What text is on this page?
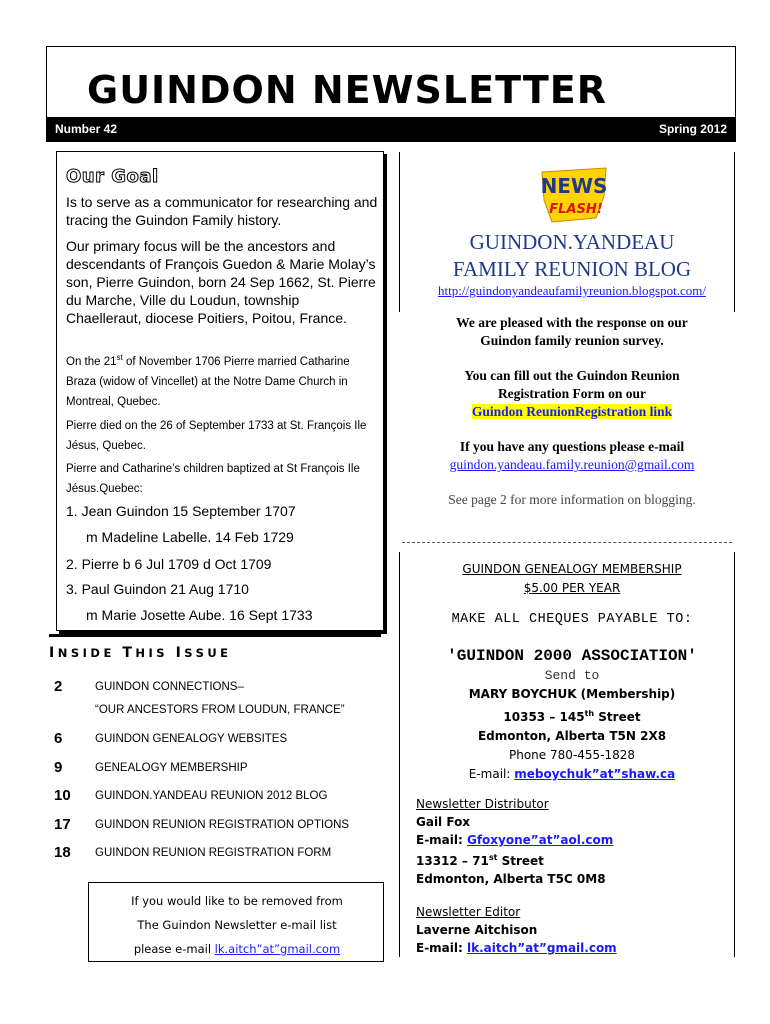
GUINDON NEWSLETTER
Number 42	Spring 2012
Our Goal
Is to serve as a communicator for researching and tracing the Guindon Family history.
Our primary focus will be the ancestors and descendants of François Guedon & Marie Molay’s son, Pierre Guindon, born 24 Sep 1662, St. Pierre du Marche, Ville du Loudun, township Chaelleraut, diocese Poitiers, Poitou, France.
On the 21st of November 1706 Pierre married Catharine Braza (widow of Vincellet) at the Notre Dame Church in Montreal, Quebec.
Pierre died on the 26 of September 1733 at St. François Ile Jésus, Quebec.
Pierre and Catharine’s children baptized at St François Ile Jésus.Quebec:
1. Jean Guindon 15 September 1707
m Madeline Labelle. 14 Feb 1729
2. Pierre b 6 Jul 1709 d Oct 1709
3. Paul Guindon 21 Aug 1710
m Marie Josette Aube. 16 Sept 1733
INSIDE THIS ISSUE
2	GUINDON CONNECTIONS–
“OUR ANCESTORS FROM LOUDUN, FRANCE”
6	GUINDON GENEALOGY WEBSITES
9	GENEALOGY MEMBERSHIP
10 GUINDON.YANDEAU REUNION 2012 BLOG
17 GUINDON REUNION REGISTRATION OPTIONS
18 GUINDON REUNION REGISTRATION FORM
If you would like to be removed from
The Guindon Newsletter e-mail list
please e-mail lk.aitch”at”gmail.com
NEWS
FLASH!
GUINDON.YANDEAU
FAMILY REUNION BLOG
http://guindonyandeaufamilyreunion.blogspot.com/
We are pleased with the response on our
Guindon family reunion survey.
You can fill out the Guindon Reunion
Registration Form on our
Guindon ReunionRegistration link
If you have any questions please e-mail
guindon.yandeau.family.reunion@gmail.com
See page 2 for more information on blogging.
GUINDON GENEALOGY MEMBERSHIP
$5.00 PER YEAR
MAKE ALL CHEQUES PAYABLE TO:
'GUINDON 2000 ASSOCIATION'
Send to
MARY BOYCHUK (Membership)
10353 – 145th Street
Edmonton, Alberta T5N 2X8
Phone 780-455-1828
E-mail: meboychuk”at”shaw.ca
Newsletter Distributor
Gail Fox
E-mail: Gfoxyone”at”aol.com
13312 – 71st Street
Edmonton, Alberta T5C 0M8
Newsletter Editor
Laverne Aitchison
E-mail: lk.aitch”at”gmail.com
